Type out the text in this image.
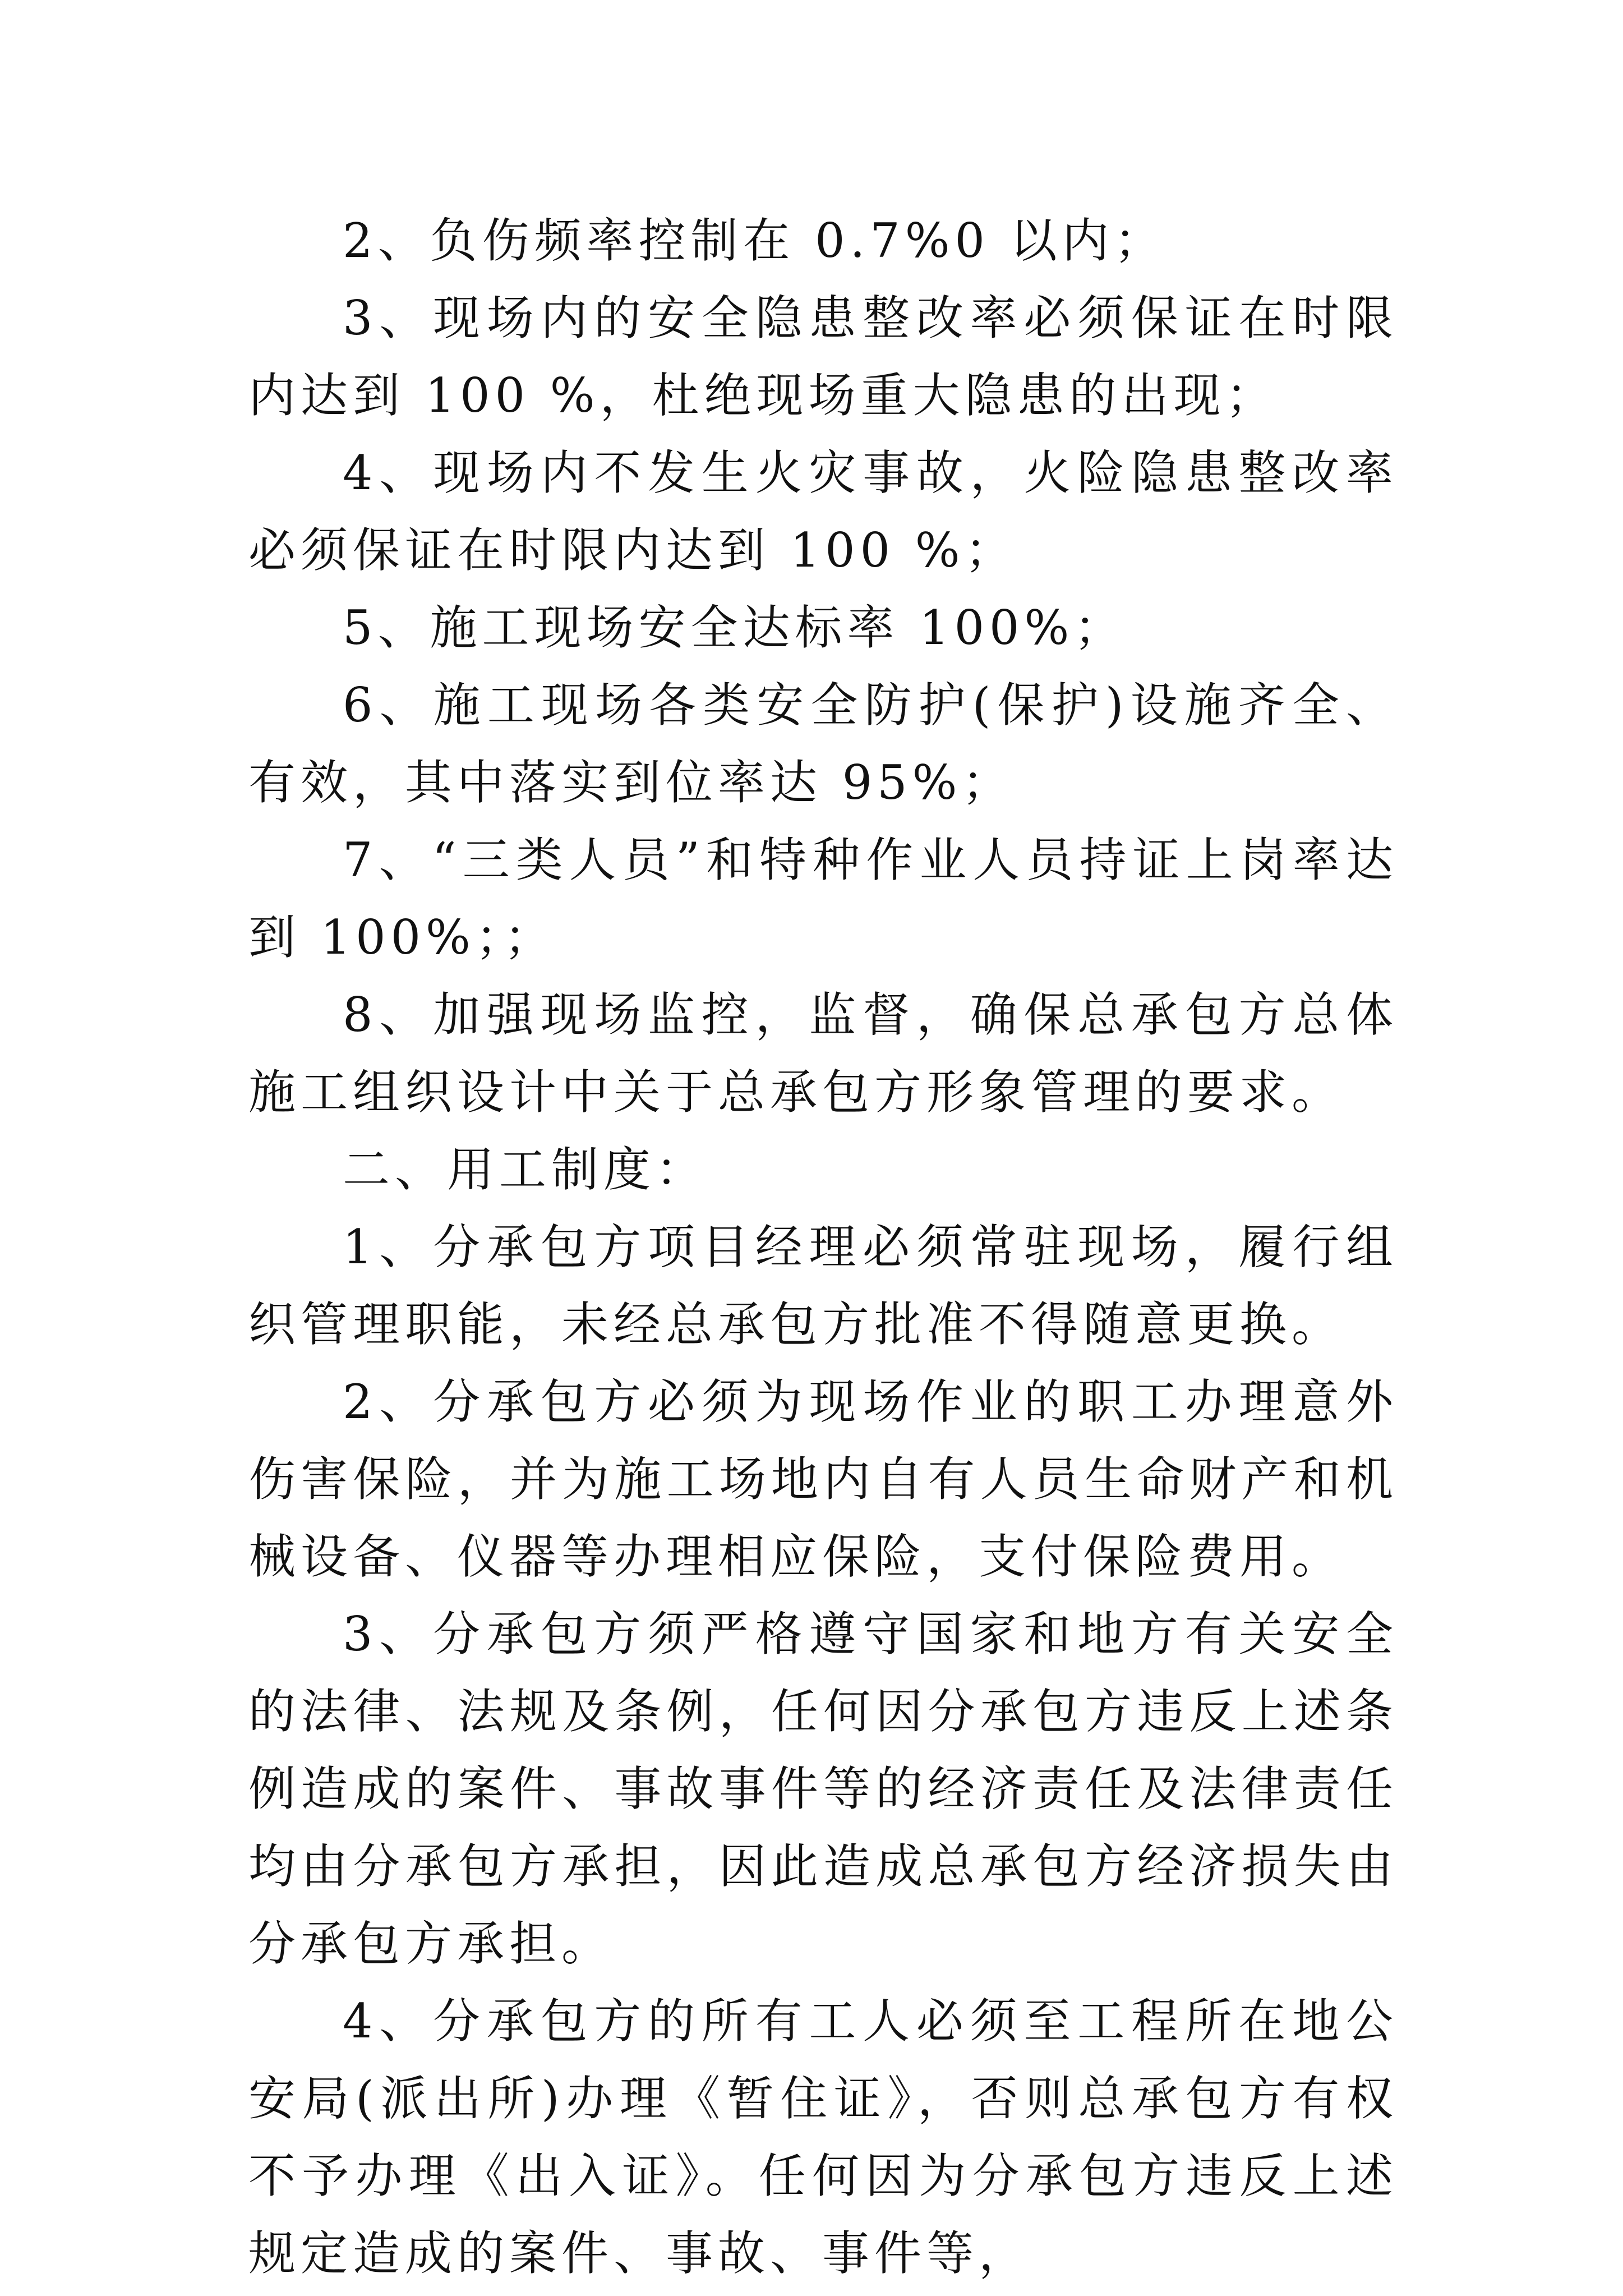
2、负伤频率控制在 0.7%0 以内；

3、现场内的安全隐患整改率必须保证在时限内达到 100 %，杜绝现场重大隐患的出现；

4、现场内不发生火灾事故，火险隐患整改率必须保证在时限内达到 100 %；

5、施工现场安全达标率 100%；

6、施工现场各类安全防护(保护)设施齐全、有效，其中落实到位率达 95%；

7、“三类人员”和特种作业人员持证上岗率达到 100%；；

8、加强现场监控，监督，确保总承包方总体施工组织设计中关于总承包方形象管理的要求。

二、用工制度：

1、分承包方项目经理必须常驻现场，履行组织管理职能，未经总承包方批准不得随意更换。

2、分承包方必须为现场作业的职工办理意外伤害保险，并为施工场地内自有人员生命财产和机械设备、仪器等办理相应保险，支付保险费用。

3、分承包方须严格遵守国家和地方有关安全的法律、法规及条例，任何因分承包方违反上述条例造成的案件、事故事件等的经济责任及法律责任均由分承包方承担，因此造成总承包方经济损失由分承包方承担。

4、分承包方的所有工人必须至工程所在地公安局(派出所)办理《暂住证》，否则总承包方有权不予办理《出入证》。任何因为分承包方违反上述规定造成的案件、事故、事件等，
